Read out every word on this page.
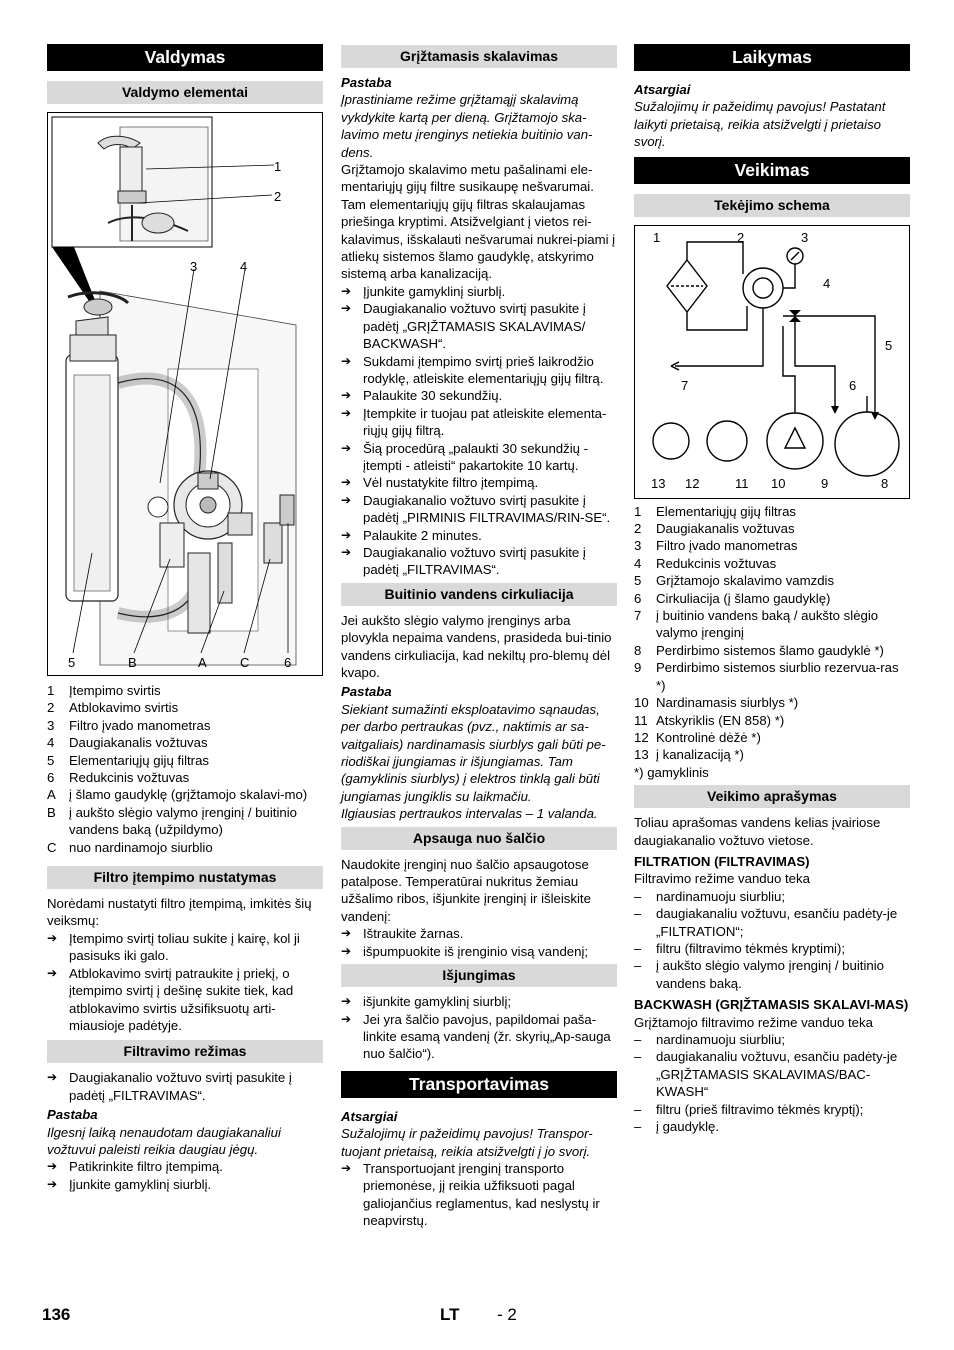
Valdymas
Valdymo elementai
1
2
3	4
5	B	A	C	6
1	Įtempimo svirtis
2	Atblokavimo svirtis
3	Filtro įvado manometras
4	Daugiakanalis vožtuvas
5	Elementariųjų gijų filtras
6	Redukcinis vožtuvas
A	į šlamo gaudyklę (grįžtamojo skalavi-mo)
B	į aukšto slėgio valymo įrenginį / buitinio vandens baką (užpildymo)
C nuo nardinamojo siurblio
Filtro įtempimo nustatymas
Norėdami nustatyti filtro įtempimą, imkitės šių veiksmų:
➔ Įtempimo svirtį toliau sukite į kairę, kol ji pasisuks iki galo.
➔ Atblokavimo svirtį patraukite į priekį, o įtempimo svirtį į dešinę sukite tiek, kad atblokavimo svirtis užsifiksuotų arti-miausioje padėtyje.
Filtravimo režimas
➔ Daugiakanalio vožtuvo svirtį pasukite į padėtį „FILTRAVIMAS“.
Pastaba
Ilgesnį laiką nenaudotam daugiakanaliui vožtuvui paleisti reikia daugiau jėgų.
➔ Patikrinkite filtro įtempimą.
➔ Įjunkite gamyklinį siurblį.
Grįžtamasis skalavimas
Pastaba
Įprastiniame režime grįžtamąjį skalavimą vykdykite kartą per dieną. Grįžtamojo ska-lavimo metu įrenginys netiekia buitinio van-dens.
Grįžtamojo skalavimo metu pašalinami ele-mentariųjų gijų filtre susikaupę nešvarumai. Tam elementariųjų gijų filtras skalaujamas priešinga kryptimi. Atsižvelgiant į vietos rei-kalavimus, išskalauti nešvarumai nukrei-piami į atliekų sistemos šlamo gaudyklę, atskyrimo sistemą arba kanalizaciją.
➔ Įjunkite gamyklinį siurblį.
➔ Daugiakanalio vožtuvo svirtį pasukite į padėtį „GRĮŽTAMASIS SKALAVIMAS/ BACKWASH“.
➔ Sukdami įtempimo svirtį prieš laikrodžio rodyklę, atleiskite elementariųjų gijų filtrą.
➔ Palaukite 30 sekundžių.
➔ Įtempkite ir tuojau pat atleiskite elementa-riųjų gijų filtrą.
➔ Šią procedūrą „palaukti 30 sekundžių - įtempti - atleisti“ pakartokite 10 kartų.
➔ Vėl nustatykite filtro įtempimą.
➔ Daugiakanalio vožtuvo svirtį pasukite į padėtį „PIRMINIS FILTRAVIMAS/RIN-SE“.
➔ Palaukite 2 minutes.
➔ Daugiakanalio vožtuvo svirtį pasukite į padėtį „FILTRAVIMAS“.
Buitinio vandens cirkuliacija
Jei aukšto slėgio valymo įrenginys arba plovykla nepaima vandens, prasideda bui-tinio vandens cirkuliacija, kad nekiltų pro-blemų dėl kvapo.
Pastaba
Siekiant sumažinti eksploatavimo sąnaudas, per darbo pertraukas (pvz., naktimis ar sa-vaitgaliais) nardinamasis siurblys gali būti pe-riodiškai įjungiamas ir išjungiamas. Tam (gamyklinis siurblys) į elektros tinklą gali būti jungiamas jungiklis su laikmačiu.
Ilgiausias pertraukos intervalas – 1 valanda.
Apsauga nuo šalčio
Naudokite įrenginį nuo šalčio apsaugotose patalpose. Temperatūrai nukritus žemiau užšalimo ribos, išjunkite įrenginį ir išleiskite vandenį:
➔ Ištraukite žarnas.
➔ išpumpuokite iš įrenginio visą vandenį;
Išjungimas
➔ išjunkite gamyklinį siurblį;
➔ Jei yra šalčio pavojus, papildomai paša-linkite esamą vandenį (žr. skyrių„Ap-sauga nuo šalčio“).
Transportavimas
Atsargiai
Sužalojimų ir pažeidimų pavojus! Transpor-tuojant prietaisą, reikia atsižvelgti į jo svorį.
➔ Transportuojant įrenginį transporto priemonėse, jį reikia užfiksuoti pagal galiojančius reglamentus, kad neslystų ir neapvirstų.
Laikymas
Atsargiai
Sužalojimų ir pažeidimų pavojus! Pastatant laikyti prietaisą, reikia atsižvelgti į prietaiso svorį.
Veikimas
Tekėjimo schema
1	2	3
4
5
6
7
13 12	11 10	9	8
1	Elementariųjų gijų filtras
2	Daugiakanalis vožtuvas
3	Filtro įvado manometras
4	Redukcinis vožtuvas
5	Grįžtamojo skalavimo vamzdis
6	Cirkuliacija (į šlamo gaudyklę)
7	į buitinio vandens baką / aukšto slėgio valymo įrenginį
8	Perdirbimo sistemos šlamo gaudyklė *)
9	Perdirbimo sistemos siurblio rezervua-ras *)
10 Nardinamasis siurblys *)
11 Atskyriklis (EN 858) *)
12 Kontrolinė dėžė *)
13 į kanalizaciją *)
*) gamyklinis
Veikimo aprašymas
Toliau aprašomas vandens kelias įvairiose daugiakanalio vožtuvo vietose.
FILTRATION (FILTRAVIMAS)
Filtravimo režime vanduo teka
–	nardinamuoju siurbliu;
–	daugiakanaliu vožtuvu, esančiu padėty-je „FILTRATION“;
–	filtru (filtravimo tėkmės kryptimi);
–	į aukšto slėgio valymo įrenginį / buitinio vandens baką.
BACKWASH (GRĮŽTAMASIS SKALAVI-MAS)
Grįžtamojo filtravimo režime vanduo teka
–	nardinamuoju siurbliu;
–	daugiakanaliu vožtuvu, esančiu padėty-je „GRĮŽTAMASIS SKALAVIMAS/BAC-KWASH“
–	filtru (prieš filtravimo tėkmės kryptį);
–	į gaudyklę.
136	LT - 2
